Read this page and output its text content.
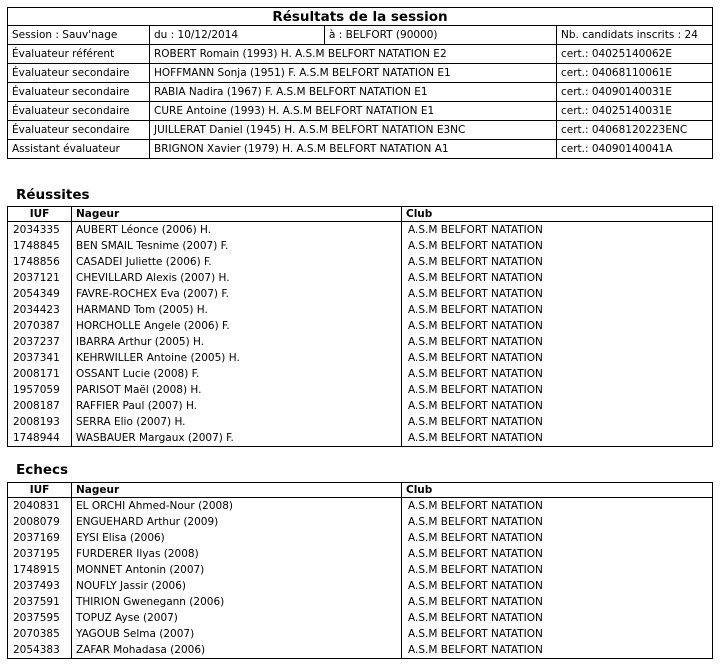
Résultats de la session			
Session : Sauv'nage	du : 10/12/2014	à : BELFORT (90000)	Nb. candidats inscrits : 24
Évaluateur référent	ROBERT Romain (1993) H. A.S.M BELFORT NATATION E2		cert.: 04025140062E
Évaluateur secondaire	HOFFMANN Sonja (1951) F. A.S.M BELFORT NATATION E1		cert.: 04068110061E
Évaluateur secondaire	RABIA Nadira (1967) F. A.S.M BELFORT NATATION E1		cert.: 04090140031E
Évaluateur secondaire	CURE Antoine (1993) H. A.S.M BELFORT NATATION E1		cert.: 04025140031E
Évaluateur secondaire	JUILLERAT Daniel (1945) H. A.S.M BELFORT NATATION E3NC		cert.: 04068120223ENC
Assistant évaluateur	BRIGNON Xavier (1979) H. A.S.M BELFORT NATATION A1		cert.: 04090140041A
Réussites
IUF	Nageur	Club
2034335	AUBERT Léonce (2006) H.	A.S.M BELFORT NATATION
1748845	BEN SMAIL Tesnime (2007) F.	A.S.M BELFORT NATATION
1748856	CASADEI Juliette (2006) F.	A.S.M BELFORT NATATION
2037121	CHEVILLARD Alexis (2007) H.	A.S.M BELFORT NATATION
2054349	FAVRE-ROCHEX Eva (2007) F.	A.S.M BELFORT NATATION
2034423	HARMAND Tom (2005) H.	A.S.M BELFORT NATATION
2070387	HORCHOLLE Angele (2006) F.	A.S.M BELFORT NATATION
2037237	IBARRA Arthur (2005) H.	A.S.M BELFORT NATATION
2037341	KEHRWILLER Antoine (2005) H.	A.S.M BELFORT NATATION
2008171	OSSANT Lucie (2008) F.	A.S.M BELFORT NATATION
1957059	PARISOT Maël (2008) H.	A.S.M BELFORT NATATION
2008187	RAFFIER Paul (2007) H.	A.S.M BELFORT NATATION
2008193	SERRA Elio (2007) H.	A.S.M BELFORT NATATION
1748944	WASBAUER Margaux (2007) F.	A.S.M BELFORT NATATION
Echecs
IUF	Nageur	Club
2040831	EL ORCHI Ahmed-Nour (2008)	A.S.M BELFORT NATATION
2008079	ENGUEHARD Arthur (2009)	A.S.M BELFORT NATATION
2037169	EYSI Elisa (2006)	A.S.M BELFORT NATATION
2037195	FURDERER Ilyas (2008)	A.S.M BELFORT NATATION
1748915	MONNET Antonin (2007)	A.S.M BELFORT NATATION
2037493	NOUFLY Jassir (2006)	A.S.M BELFORT NATATION
2037591	THIRION Gwenegann (2006)	A.S.M BELFORT NATATION
2037595	TOPUZ Ayse (2007)	A.S.M BELFORT NATATION
2070385	YAGOUB Selma (2007)	A.S.M BELFORT NATATION
2054383	ZAFAR Mohadasa (2006)	A.S.M BELFORT NATATION
